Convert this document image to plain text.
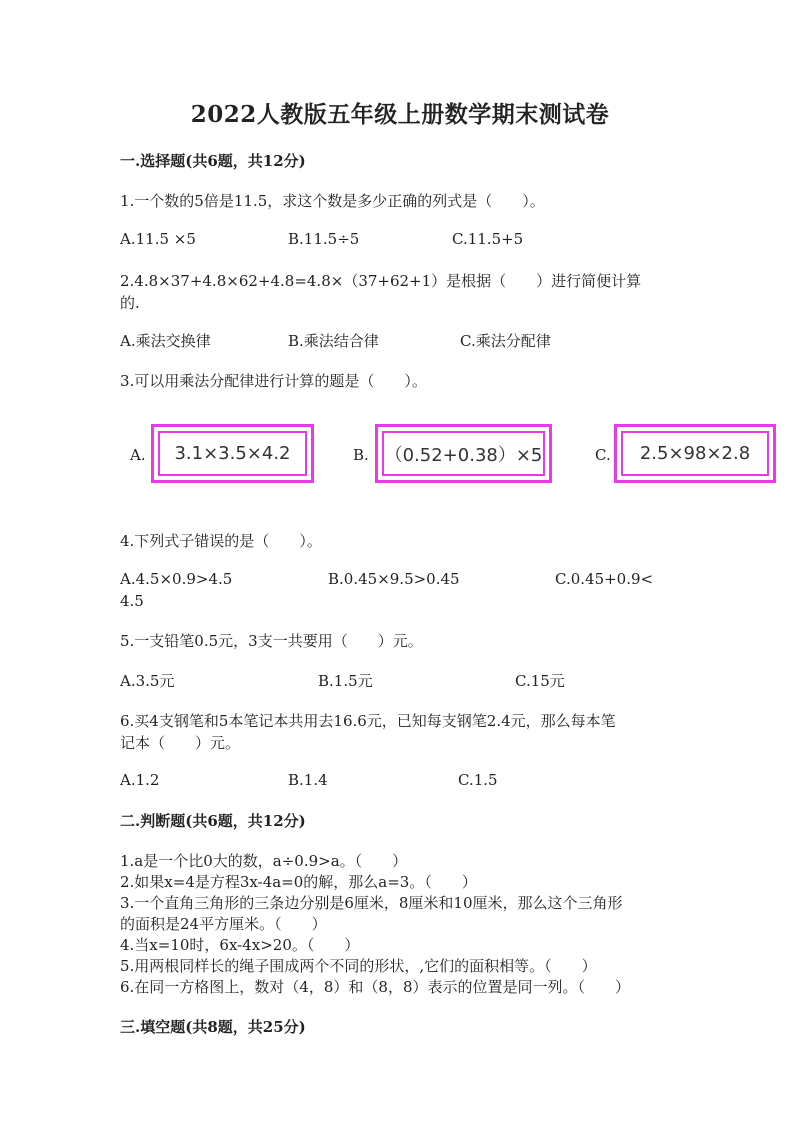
2022人教版五年级上册数学期末测试卷
一.选择题(共6题，共12分)
1.一个数的5倍是11.5，求这个数是多少正确的列式是（　　）。
A.11.5 ×5	B.11.5÷5	C.11.5+5
2.4.8×37+4.8×62+4.8=4.8×（37+62+1）是根据（　　）进行简便计算
的.
A.乘法交换律	B.乘法结合律	C.乘法分配律
3.可以用乘法分配律进行计算的题是（　　）。
A.	3.1×3.5×4.2	B. （0.52+0.38）×5	C.	2.5×98×2.8
4.下列式子错误的是（　　）。
A.4.5×0.9>4.5	B.0.45×9.5>0.45	C.0.45+0.9<
4.5
5.一支铅笔0.5元，3支一共要用（　　）元。
A.3.5元	B.1.5元	C.15元
6.买4支钢笔和5本笔记本共用去16.6元，已知每支钢笔2.4元，那么每本笔
记本（　　）元。
A.1.2	B.1.4	C.1.5
二.判断题(共6题，共12分)
1.a是一个比0大的数，a÷0.9>a。（　　）
2.如果x=4是方程3x-4a=0的解，那么a=3。（　　）
3.一个直角三角形的三条边分别是6厘米，8厘米和10厘米，那么这个三角形
的面积是24平方厘米。（　　）
4.当x=10时，6x-4x>20。（　　）
5.用两根同样长的绳子围成两个不同的形状，,它们的面积相等。（　　）
6.在同一方格图上，数对（4，8）和（8，8）表示的位置是同一列。（　　）
三.填空题(共8题，共25分)
